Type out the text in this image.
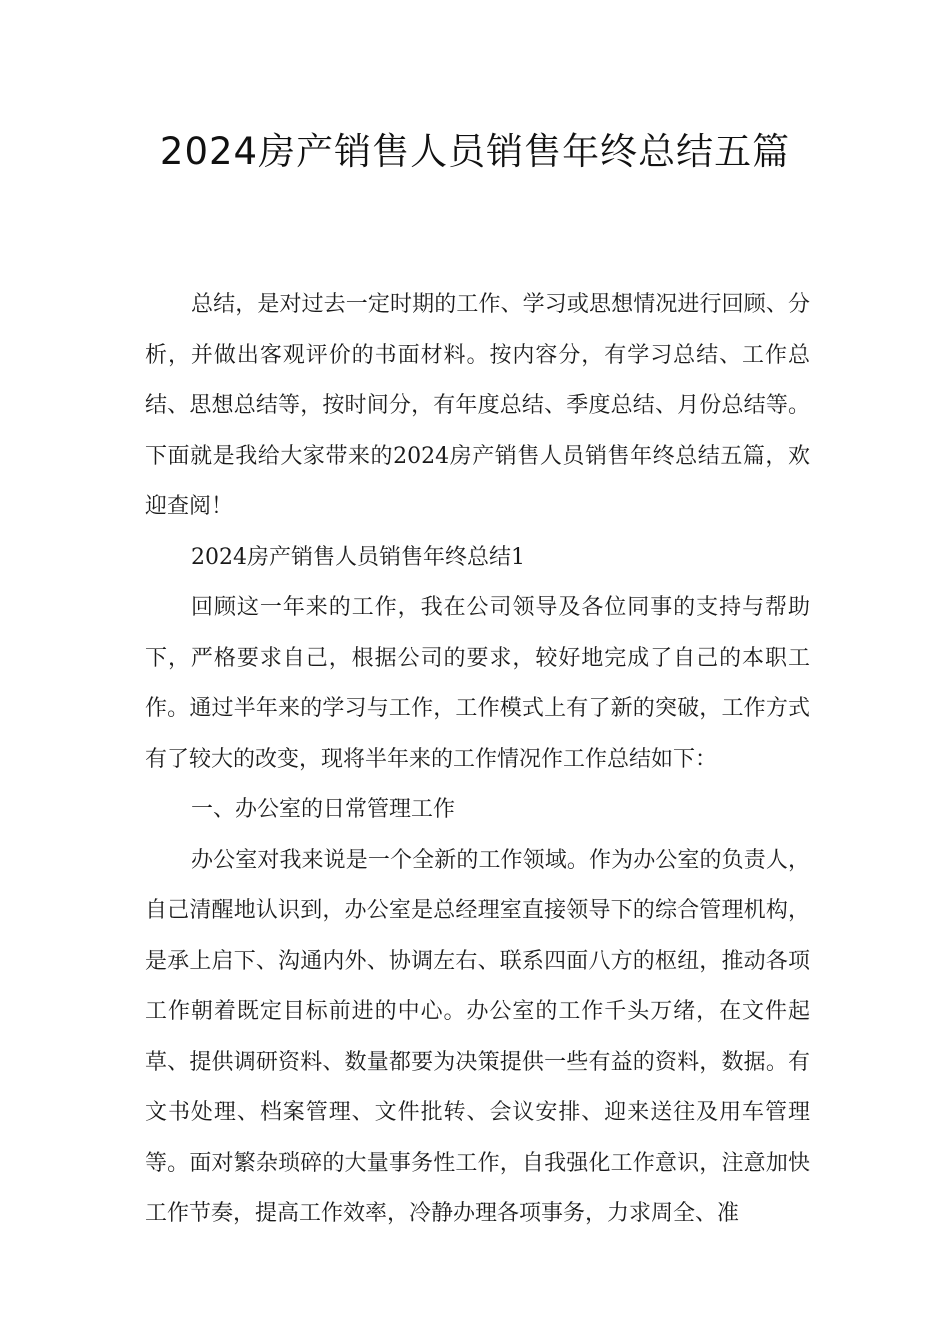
2024房产销售人员销售年终总结五篇

总结，是对过去一定时期的工作、学习或思想情况进行回顾、分析，并做出客观评价的书面材料。按内容分，有学习总结、工作总结、思想总结等，按时间分，有年度总结、季度总结、月份总结等。下面就是我给大家带来的2024房产销售人员销售年终总结五篇，欢迎查阅！

2024房产销售人员销售年终总结1

回顾这一年来的工作，我在公司领导及各位同事的支持与帮助下，严格要求自己，根据公司的要求，较好地完成了自己的本职工作。通过半年来的学习与工作，工作模式上有了新的突破，工作方式有了较大的改变，现将半年来的工作情况作工作总结如下：

一、办公室的日常管理工作

办公室对我来说是一个全新的工作领域。作为办公室的负责人，自己清醒地认识到，办公室是总经理室直接领导下的综合管理机构，是承上启下、沟通内外、协调左右、联系四面八方的枢纽，推动各项工作朝着既定目标前进的中心。办公室的工作千头万绪，在文件起草、提供调研资料、数量都要为决策提供一些有益的资料，数据。有文书处理、档案管理、文件批转、会议安排、迎来送往及用车管理等。面对繁杂琐碎的大量事务性工作，自我强化工作意识，注意加快工作节奏，提高工作效率，冷静办理各项事务，力求周全、准
